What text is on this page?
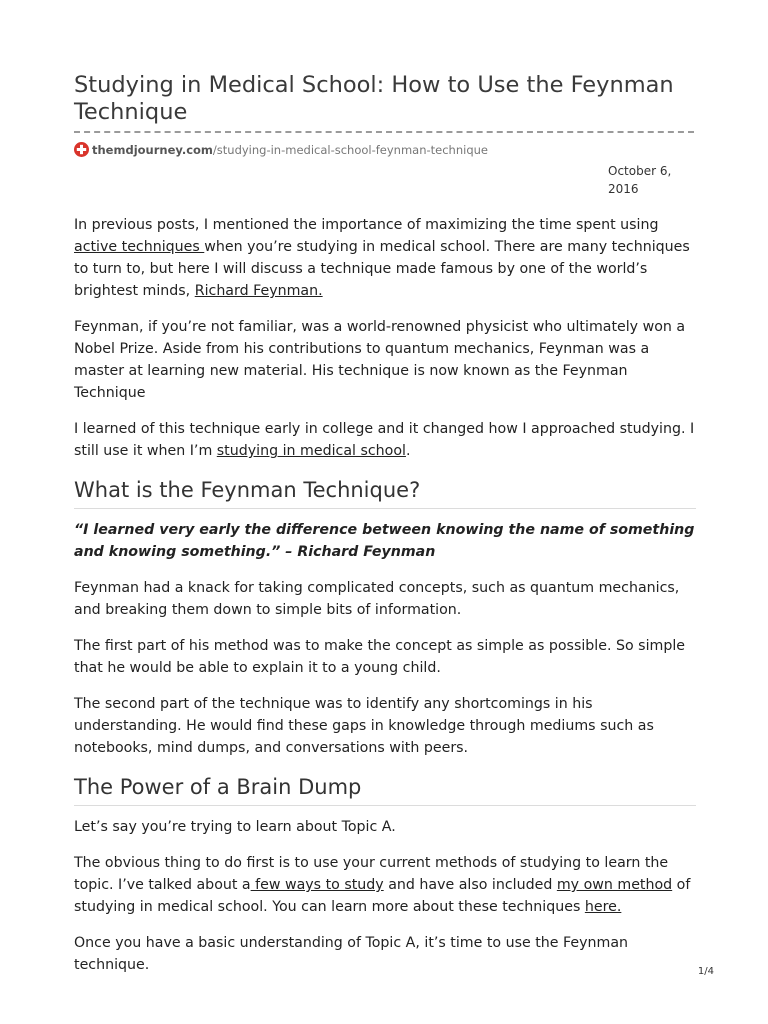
Studying in Medical School: How to Use the Feynman Technique
themdjourney.com/studying-in-medical-school-feynman-technique
October 6, 2016

In previous posts, I mentioned the importance of maximizing the time spent using active techniques when you’re studying in medical school. There are many techniques to turn to, but here I will discuss a technique made famous by one of the world’s brightest minds, Richard Feynman.

Feynman, if you’re not familiar, was a world-renowned physicist who ultimately won a Nobel Prize. Aside from his contributions to quantum mechanics, Feynman was a master at learning new material. His technique is now known as the Feynman Technique

I learned of this technique early in college and it changed how I approached studying. I still use it when I’m studying in medical school.

What is the Feynman Technique?

“I learned very early the difference between knowing the name of something and knowing something.” – Richard Feynman

Feynman had a knack for taking complicated concepts, such as quantum mechanics, and breaking them down to simple bits of information.

The first part of his method was to make the concept as simple as possible. So simple that he would be able to explain it to a young child.

The second part of the technique was to identify any shortcomings in his understanding. He would find these gaps in knowledge through mediums such as notebooks, mind dumps, and conversations with peers.

The Power of a Brain Dump

Let’s say you’re trying to learn about Topic A.

The obvious thing to do first is to use your current methods of studying to learn the topic. I’ve talked about a few ways to study and have also included my own method of studying in medical school. You can learn more about these techniques here.

Once you have a basic understanding of Topic A, it’s time to use the Feynman technique.	1/4
